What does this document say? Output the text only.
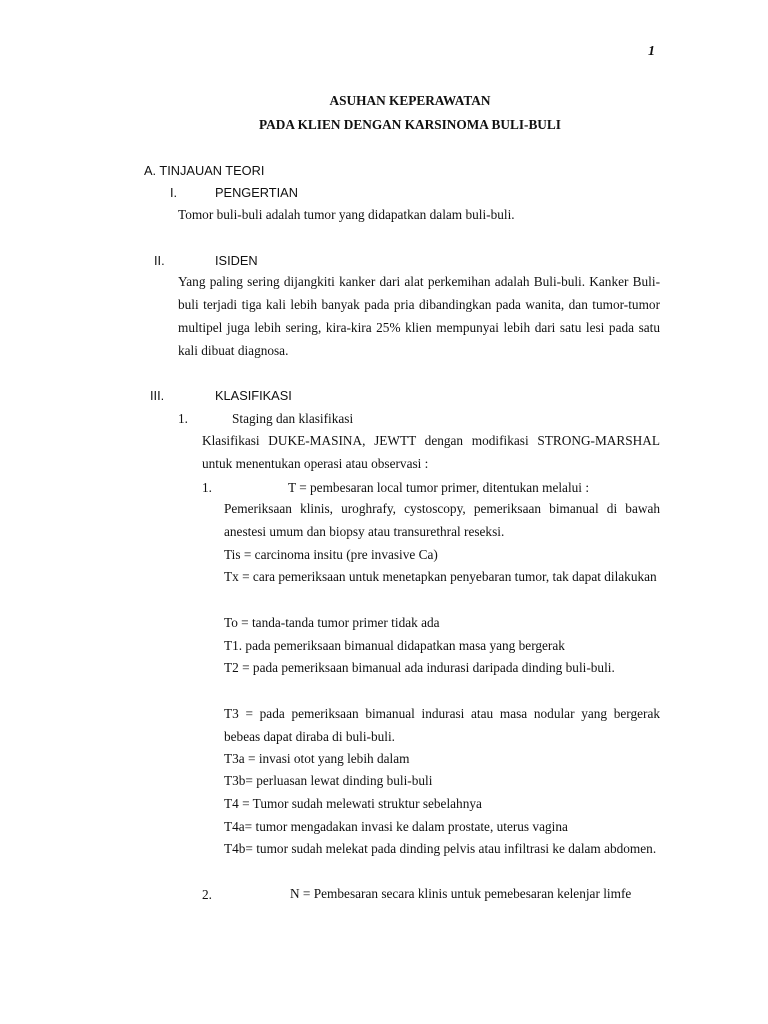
1
ASUHAN KEPERAWATAN
PADA KLIEN DENGAN KARSINOMA BULI-BULI
A. TINJAUAN TEORI
I.	PENGERTIAN
Tomor buli-buli adalah tumor yang didapatkan dalam buli-buli.
II.	ISIDEN
Yang paling sering dijangkiti kanker dari alat perkemihan adalah Buli-buli. Kanker Buli-buli terjadi tiga kali lebih banyak pada pria dibandingkan pada wanita, dan tumor-tumor multipel juga lebih sering, kira-kira 25% klien mempunyai lebih dari satu lesi pada satu kali dibuat diagnosa.
III.	KLASIFIKASI
1.	Staging dan klasifikasi
Klasifikasi DUKE-MASINA, JEWTT dengan modifikasi STRONG-MARSHAL untuk menentukan operasi atau observasi :
1.	T = pembesaran local tumor primer, ditentukan melalui :
Pemeriksaan klinis, uroghrafy, cystoscopy, pemeriksaan bimanual di bawah anestesi umum dan biopsy atau transurethral reseksi.
Tis = carcinoma insitu (pre invasive Ca)
Tx = cara pemeriksaan untuk menetapkan penyebaran tumor, tak dapat dilakukan
To = tanda-tanda tumor primer tidak ada
T1. pada pemeriksaan bimanual didapatkan masa yang bergerak
T2 = pada pemeriksaan bimanual ada indurasi daripada dinding buli-buli.
T3 = pada pemeriksaan bimanual indurasi atau masa nodular yang bergerak bebeas dapat diraba di buli-buli.
T3a = invasi otot yang lebih dalam
T3b= perluasan lewat dinding buli-buli
T4 = Tumor sudah melewati struktur sebelahnya
T4a= tumor mengadakan invasi ke dalam prostate, uterus vagina
T4b= tumor sudah melekat pada dinding pelvis atau infiltrasi ke dalam abdomen.
2.	N = Pembesaran secara klinis untuk pemebesaran kelenjar limfe
